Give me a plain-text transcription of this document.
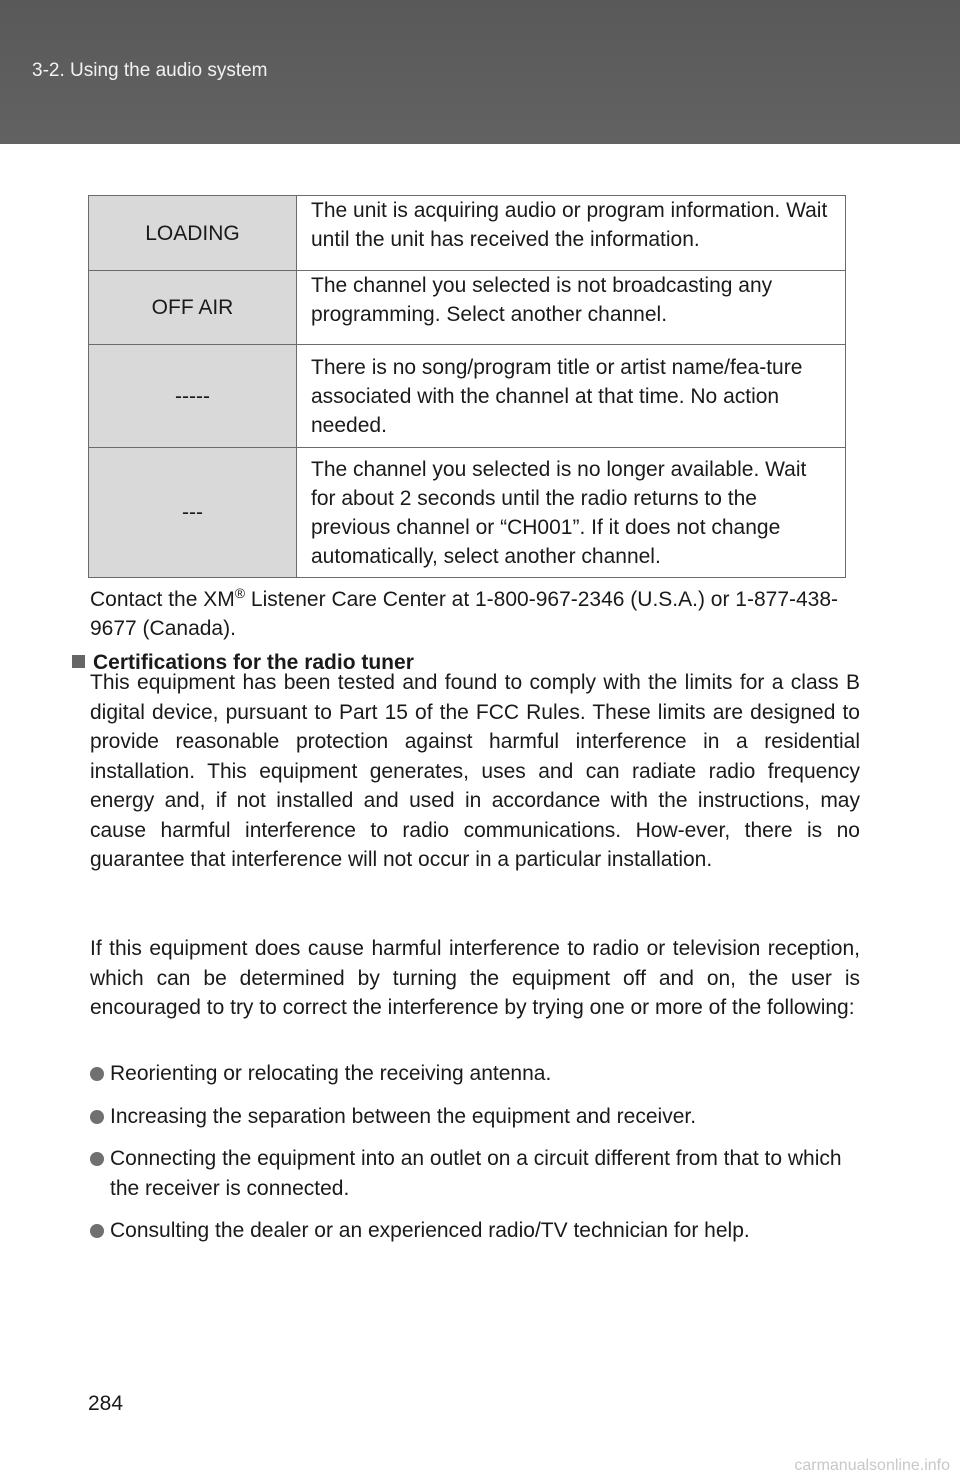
3-2. Using the audio system
LOADING	The unit is acquiring audio or program information. Wait until the unit has received the information.
OFF AIR	The channel you selected is not broadcasting any programming. Select another channel.
-----	There is no song/program title or artist name/fea-ture associated with the channel at that time. No action needed.
---	The channel you selected is no longer available. Wait for about 2 seconds until the radio returns to the previous channel or “CH001”. If it does not change automatically, select another channel.
Contact the XM® Listener Care Center at 1-800-967-2346 (U.S.A.) or 1-877-438-9677 (Canada).
Certifications for the radio tuner
This equipment has been tested and found to comply with the limits for a class B digital device, pursuant to Part 15 of the FCC Rules. These limits are designed to provide reasonable protection against harmful interference in a residential installation. This equipment generates, uses and can radiate radio frequency energy and, if not installed and used in accordance with the instructions, may cause harmful interference to radio communications. How-ever, there is no guarantee that interference will not occur in a particular installation.
If this equipment does cause harmful interference to radio or television reception, which can be determined by turning the equipment off and on, the user is encouraged to try to correct the interference by trying one or more of the following:
Reorienting or relocating the receiving antenna.
Increasing the separation between the equipment and receiver.
Connecting the equipment into an outlet on a circuit different from that to which the receiver is connected.
Consulting the dealer or an experienced radio/TV technician for help.
284
carmanualsonline.info
